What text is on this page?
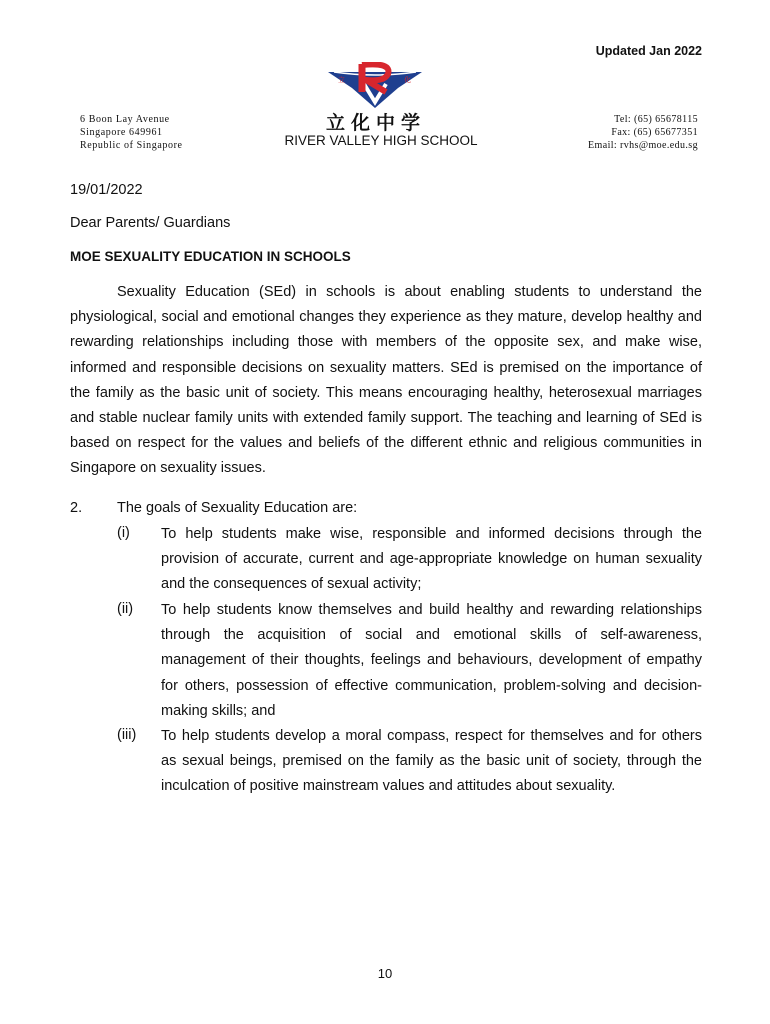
Updated Jan 2022
立	化
6 Boon Lay Avenue
Singapore 649961
Republic of Singapore
立化中学
RIVER VALLEY HIGH SCHOOL
Tel: (65) 65678115
Fax: (65) 65677351
Email: rvhs@moe.edu.sg
19/01/2022
Dear Parents/ Guardians
MOE SEXUALITY EDUCATION IN SCHOOLS
Sexuality Education (SEd) in schools is about enabling students to understand the physiological, social and emotional changes they experience as they mature, develop healthy and rewarding relationships including those with members of the opposite sex, and make wise, informed and responsible decisions on sexuality matters. SEd is premised on the importance of the family as the basic unit of society. This means encouraging healthy, heterosexual marriages and stable nuclear family units with extended family support. The teaching and learning of SEd is based on respect for the values and beliefs of the different ethnic and religious communities in Singapore on sexuality issues.
2. The goals of Sexuality Education are:
(i) To help students make wise, responsible and informed decisions through the provision of accurate, current and age-appropriate knowledge on human sexuality and the consequences of sexual activity;
(ii) To help students know themselves and build healthy and rewarding relationships through the acquisition of social and emotional skills of self-awareness, management of their thoughts, feelings and behaviours, development of empathy for others, possession of effective communication, problem-solving and decision-making skills; and
(iii) To help students develop a moral compass, respect for themselves and for others as sexual beings, premised on the family as the basic unit of society, through the inculcation of positive mainstream values and attitudes about sexuality.
10
